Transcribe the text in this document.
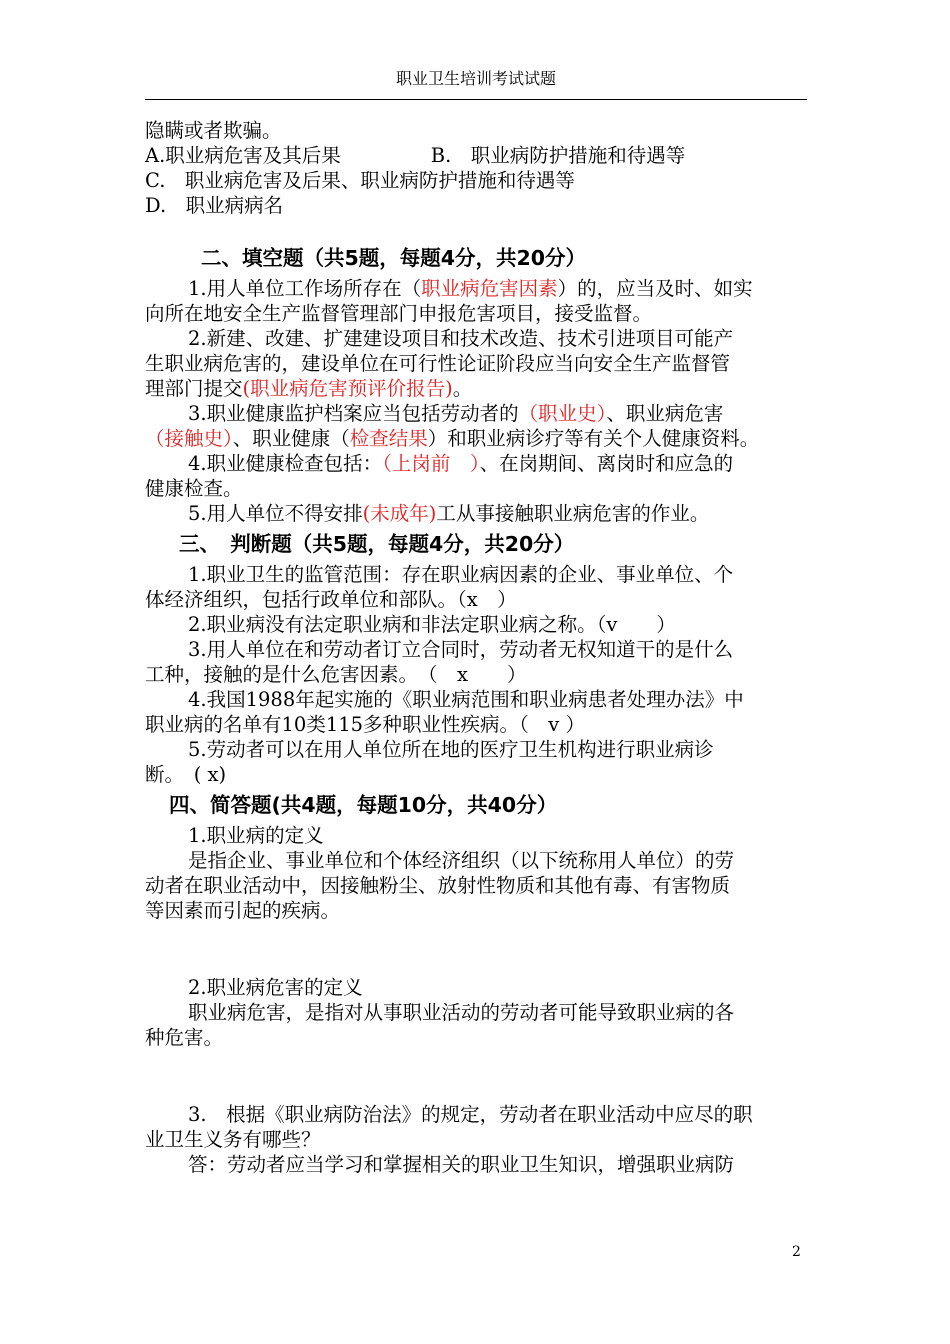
职业卫生培训考试试题
隐瞒或者欺骗。
A.职业病危害及其后果	B.　职业病防护措施和待遇等
C.　职业病危害及后果、职业病防护措施和待遇等
D.　职业病病名
二、填空题（共5题，每题4分，共20分）
1.用人单位工作场所存在（职业病危害因素）的，应当及时、如实
向所在地安全生产监督管理部门申报危害项目，接受监督。
2.新建、改建、扩建建设项目和技术改造、技术引进项目可能产
生职业病危害的，建设单位在可行性论证阶段应当向安全生产监督管
理部门提交(职业病危害预评价报告)。
3.职业健康监护档案应当包括劳动者的（职业史）、职业病危害
（接触史）、职业健康（检查结果）和职业病诊疗等有关个人健康资料。
4.职业健康检查包括：（上岗前　）、在岗期间、离岗时和应急的
健康检查。
5.用人单位不得安排(未成年)工从事接触职业病危害的作业。
三、　判断题（共5题，每题4分，共20分）
1.职业卫生的监管范围：存在职业病因素的企业、事业单位、个
体经济组织，包括行政单位和部队。（x　）
2.职业病没有法定职业病和非法定职业病之称。（v　　）
3.用人单位在和劳动者订立合同时，劳动者无权知道干的是什么
工种，接触的是什么危害因素。　（　x　　）
4.我国1988年起实施的《职业病范围和职业病患者处理办法》中
职业病的名单有10类115多种职业性疾病。（　v ）
5.劳动者可以在用人单位所在地的医疗卫生机构进行职业病诊
断。　( x)
四、简答题(共4题，每题10分，共40分）
1.职业病的定义
是指企业、事业单位和个体经济组织（以下统称用人单位）的劳
动者在职业活动中，因接触粉尘、放射性物质和其他有毒、有害物质
等因素而引起的疾病。
2.职业病危害的定义
职业病危害，是指对从事职业活动的劳动者可能导致职业病的各
种危害。
3.　根据《职业病防治法》的规定，劳动者在职业活动中应尽的职
业卫生义务有哪些？
答：劳动者应当学习和掌握相关的职业卫生知识，增强职业病防
2
